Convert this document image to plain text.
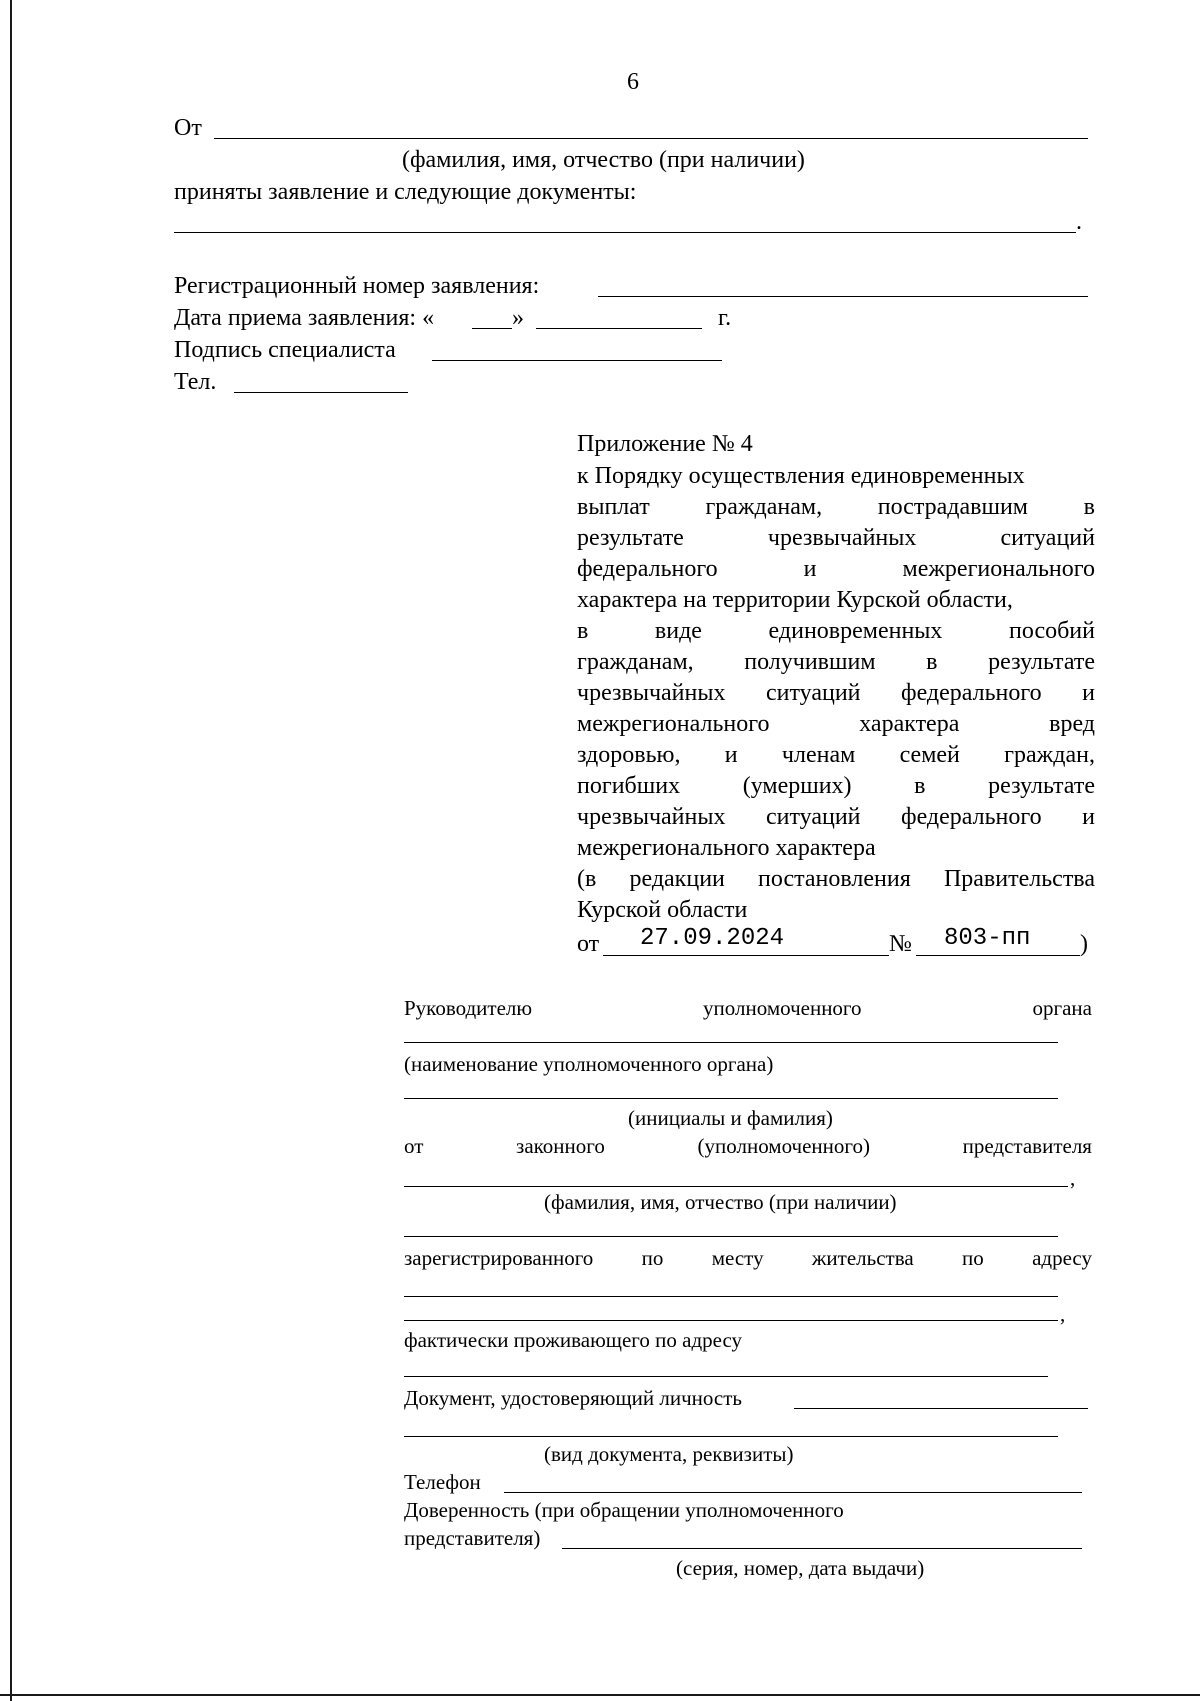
6
От
(фамилия, имя, отчество (при наличии)
приняты заявление и следующие документы:
.
Регистрационный номер заявления:
Дата приема заявления: «	»	г.
Подпись специалиста
Тел.
Приложение № 4
к Порядку осуществления единовременных
выплат гражданам, пострадавшим в
результате	чрезвычайных	ситуаций
федерального	и	межрегионального
характера на территории Курской области,
в	виде	единовременных	пособий
гражданам, получившим в результате
чрезвычайных ситуаций федерального и
межрегионального	характера	вред
здоровью, и членам семей граждан,
погибших	(умерших)	в	результате
чрезвычайных ситуаций федерального и
межрегионального характера
(в редакции постановления Правительства
Курской области
от 27.09.2024	№ 803-пп )
Руководителю	уполномоченного	органа
(наименование уполномоченного органа)
(инициалы и фамилия)
от	законного	(уполномоченного)	представителя
,
(фамилия, имя, отчество (при наличии)
зарегистрированного по месту жительства по адресу
,
фактически проживающего по адресу
Документ, удостоверяющий личность
(вид документа, реквизиты)
Телефон
Доверенность (при обращении уполномоченного
представителя)
(серия, номер, дата выдачи)
